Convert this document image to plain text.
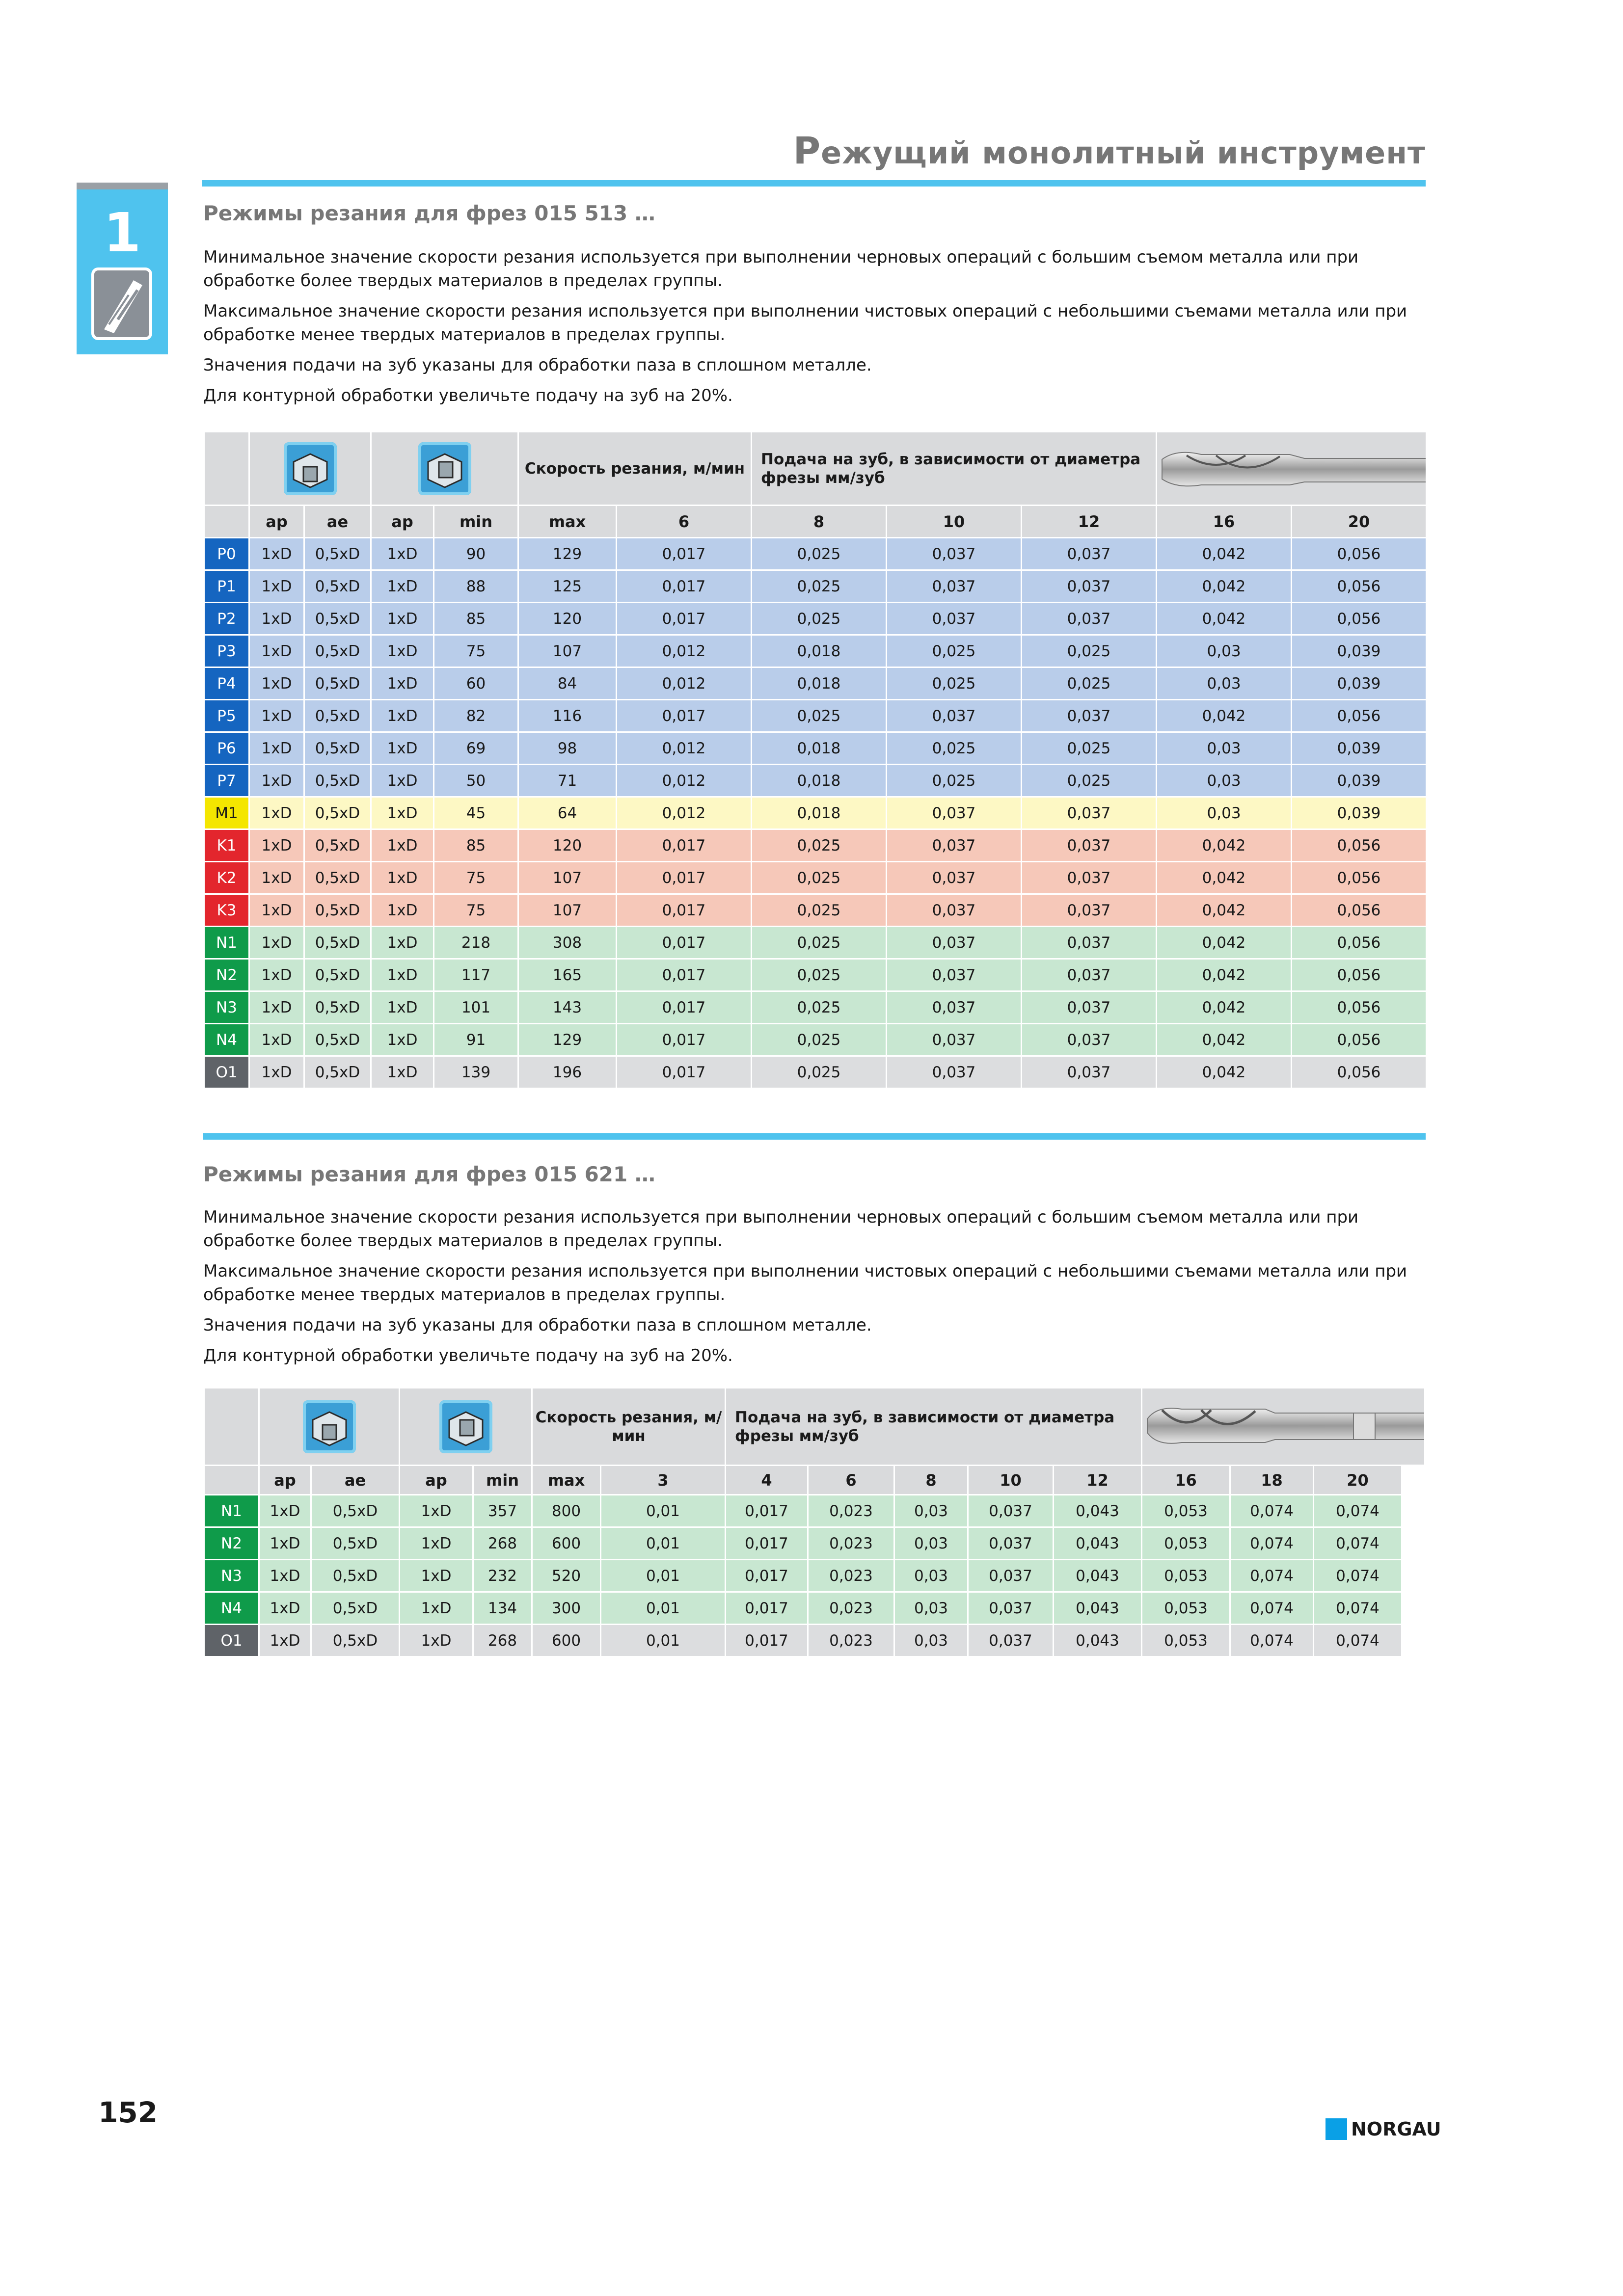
Режущий монолитный инструмент
1	Режимы резания для фрез 015 513 …

Минимальное значение скорости резания используется при выполнении черновых операций с большим съемом металла или при обработке более твердых материалов в пределах группы.

Максимальное значение скорости резания используется при выполнении чистовых операций с небольшими съемами металла или при обработке менее твердых материалов в пределах группы.

Значения подачи на зуб указаны для обработки паза в сплошном металле.

Для контурной обработки увеличьте подачу на зуб на 20%.

	Скорость резания, м/мин		Подача на зуб, в зависимости от диаметра фрезы мм/зуб	
	ap	ae	ap	min	max	6	8	10	12	16	20
P0	1xD	0,5xD	1xD	90	129	0,017	0,025	0,037	0,037	0,042	0,056
P1	1xD	0,5xD	1xD	88	125	0,017	0,025	0,037	0,037	0,042	0,056
P2	1xD	0,5xD	1xD	85	120	0,017	0,025	0,037	0,037	0,042	0,056
P3	1xD	0,5xD	1xD	75	107	0,012	0,018	0,025	0,025	0,03	0,039
P4	1xD	0,5xD	1xD	60	84	0,012	0,018	0,025	0,025	0,03	0,039
P5	1xD	0,5xD	1xD	82	116	0,017	0,025	0,037	0,037	0,042	0,056
P6	1xD	0,5xD	1xD	69	98	0,012	0,018	0,025	0,025	0,03	0,039
P7	1xD	0,5xD	1xD	50	71	0,012	0,018	0,025	0,025	0,03	0,039
M1	1xD	0,5xD	1xD	45	64	0,012	0,018	0,037	0,037	0,03	0,039
K1	1xD	0,5xD	1xD	85	120	0,017	0,025	0,037	0,037	0,042	0,056
K2	1xD	0,5xD	1xD	75	107	0,017	0,025	0,037	0,037	0,042	0,056
K3	1xD	0,5xD	1xD	75	107	0,017	0,025	0,037	0,037	0,042	0,056
N1	1xD	0,5xD	1xD	218	308	0,017	0,025	0,037	0,037	0,042	0,056
N2	1xD	0,5xD	1xD	117	165	0,017	0,025	0,037	0,037	0,042	0,056
N3	1xD	0,5xD	1xD	101	143	0,017	0,025	0,037	0,037	0,042	0,056
N4	1xD	0,5xD	1xD	91	129	0,017	0,025	0,037	0,037	0,042	0,056
O1	1xD	0,5xD	1xD	139	196	0,017	0,025	0,037	0,037	0,042	0,056
Режимы резания для фрез 015 621 …

Минимальное значение скорости резания используется при выполнении черновых операций с большим съемом металла или при обработке более твердых материалов в пределах группы.

Максимальное значение скорости резания используется при выполнении чистовых операций с небольшими съемами металла или при обработке менее твердых материалов в пределах группы.

Значения подачи на зуб указаны для обработки паза в сплошном металле.

Для контурной обработки увеличьте подачу на зуб на 20%.

	Скорость резания, м/мин		Подача на зуб, в зависимости от диаметра фрезы мм/зуб	
	ap	ae	ap	min	max	3	4	6	8	10	12	16	18	20
N1	1xD	0,5xD	1xD	357	800	0,01	0,017	0,023	0,03	0,037	0,043	0,053	0,074	0,074
N2	1xD	0,5xD	1xD	268	600	0,01	0,017	0,023	0,03	0,037	0,043	0,053	0,074	0,074
N3	1xD	0,5xD	1xD	232	520	0,01	0,017	0,023	0,03	0,037	0,043	0,053	0,074	0,074
N4	1xD	0,5xD	1xD	134	300	0,01	0,017	0,023	0,03	0,037	0,043	0,053	0,074	0,074
O1	1xD	0,5xD	1xD	268	600	0,01	0,017	0,023	0,03	0,037	0,043	0,053	0,074	0,074
152	NORGAU
